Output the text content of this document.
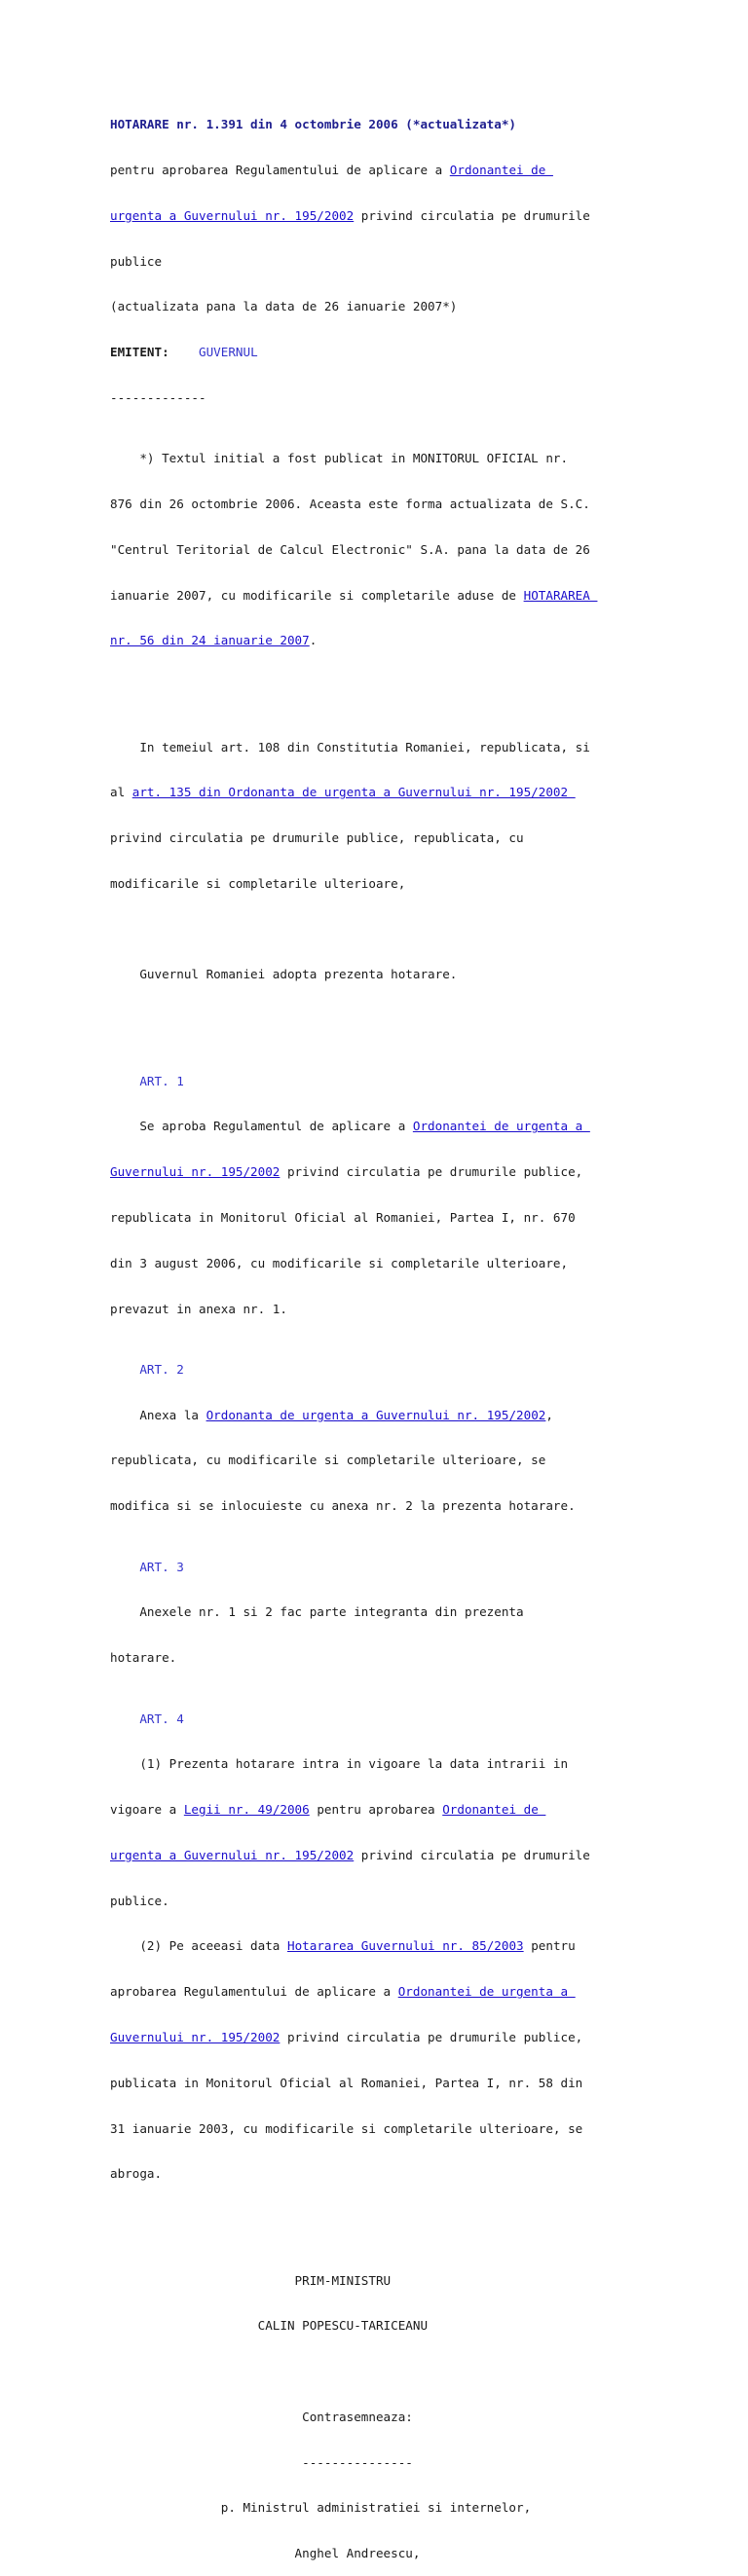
HOTARARE nr. 1.391 din 4 octombrie 2006 (*actualizata*)

pentru aprobarea Regulamentului de aplicare a Ordonantei de

urgenta a Guvernului nr. 195/2002 privind circulatia pe drumurile

publice

(actualizata pana la data de 26 ianuarie 2007*)

EMITENT: GUVERNUL

-------------

*) Textul initial a fost publicat in MONITORUL OFICIAL nr.

876 din 26 octombrie 2006. Aceasta este forma actualizata de S.C.

"Centrul Teritorial de Calcul Electronic" S.A. pana la data de 26

ianuarie 2007, cu modificarile si completarile aduse de HOTARAREA

nr. 56 din 24 ianuarie 2007.

In temeiul art. 108 din Constitutia Romaniei, republicata, si

al art. 135 din Ordonanta de urgenta a Guvernului nr. 195/2002

privind circulatia pe drumurile publice, republicata, cu

modificarile si completarile ulterioare,

Guvernul Romaniei adopta prezenta hotarare.

ART. 1

Se aproba Regulamentul de aplicare a Ordonantei de urgenta a

Guvernului nr. 195/2002 privind circulatia pe drumurile publice,

republicata in Monitorul Oficial al Romaniei, Partea I, nr. 670

din 3 august 2006, cu modificarile si completarile ulterioare,

prevazut in anexa nr. 1.

ART. 2

Anexa la Ordonanta de urgenta a Guvernului nr. 195/2002,

republicata, cu modificarile si completarile ulterioare, se

modifica si se inlocuieste cu anexa nr. 2 la prezenta hotarare.

ART. 3

Anexele nr. 1 si 2 fac parte integranta din prezenta

hotarare.

ART. 4

(1) Prezenta hotarare intra in vigoare la data intrarii in

vigoare a Legii nr. 49/2006 pentru aprobarea Ordonantei de

urgenta a Guvernului nr. 195/2002 privind circulatia pe drumurile

publice.

(2) Pe aceeasi data Hotararea Guvernului nr. 85/2003 pentru

aprobarea Regulamentului de aplicare a Ordonantei de urgenta a

Guvernului nr. 195/2002 privind circulatia pe drumurile publice,

publicata in Monitorul Oficial al Romaniei, Partea I, nr. 58 din

31 ianuarie 2003, cu modificarile si completarile ulterioare, se

abroga.

PRIM-MINISTRU

CALIN POPESCU-TARICEANU

Contrasemneaza:

---------------

p. Ministrul administratiei si internelor,

Anghel Andreescu,
